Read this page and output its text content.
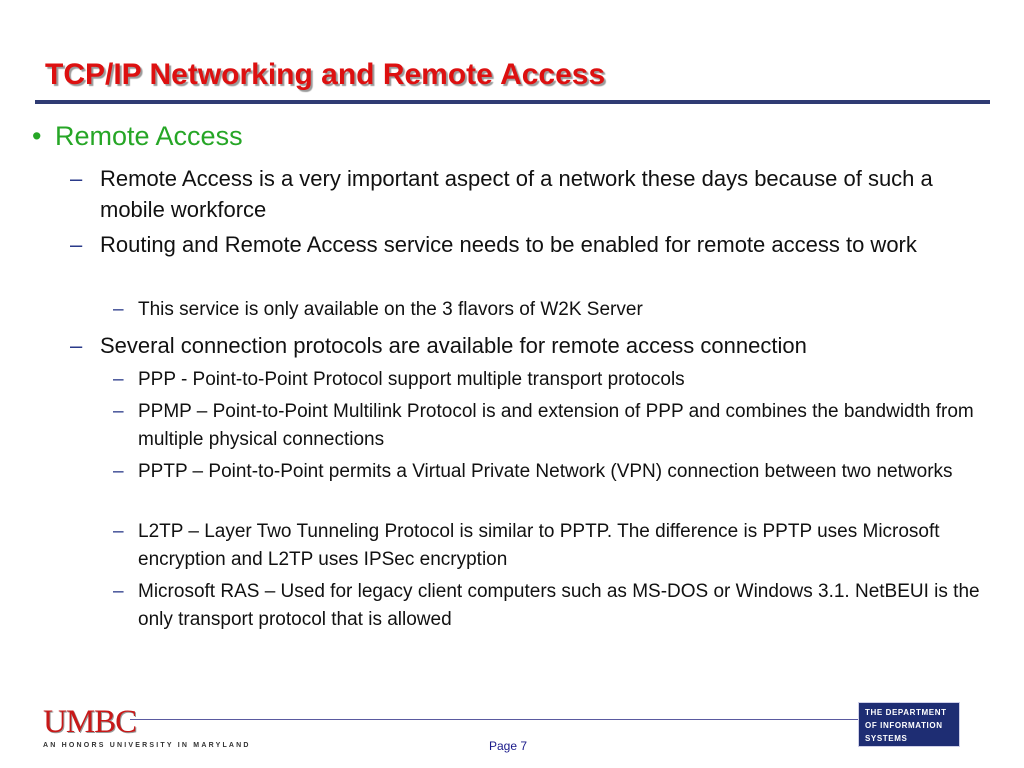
TCP/IP Networking and Remote Access
• Remote Access
– Remote Access is a very important aspect of a network these days because of such a mobile workforce
– Routing and Remote Access service needs to be enabled for remote access to work
– This service is only available on the 3 flavors of W2K Server
– Several connection protocols are available for remote access connection
– PPP - Point-to-Point Protocol support multiple transport protocols
– PPMP – Point-to-Point Multilink Protocol is and extension of PPP and combines the bandwidth from multiple physical connections
– PPTP – Point-to-Point permits a Virtual Private Network (VPN) connection between two networks
– L2TP – Layer Two Tunneling Protocol is similar to PPTP. The difference is PPTP uses Microsoft encryption and L2TP uses IPSec encryption
– Microsoft RAS – Used for legacy client computers such as MS-DOS or Windows 3.1. NetBEUI is the only transport protocol that is allowed
UMBC
AN HONORS UNIVERSITY IN MARYLAND	Page 7
THE DEPARTMENT
OF INFORMATION
SYSTEMS
